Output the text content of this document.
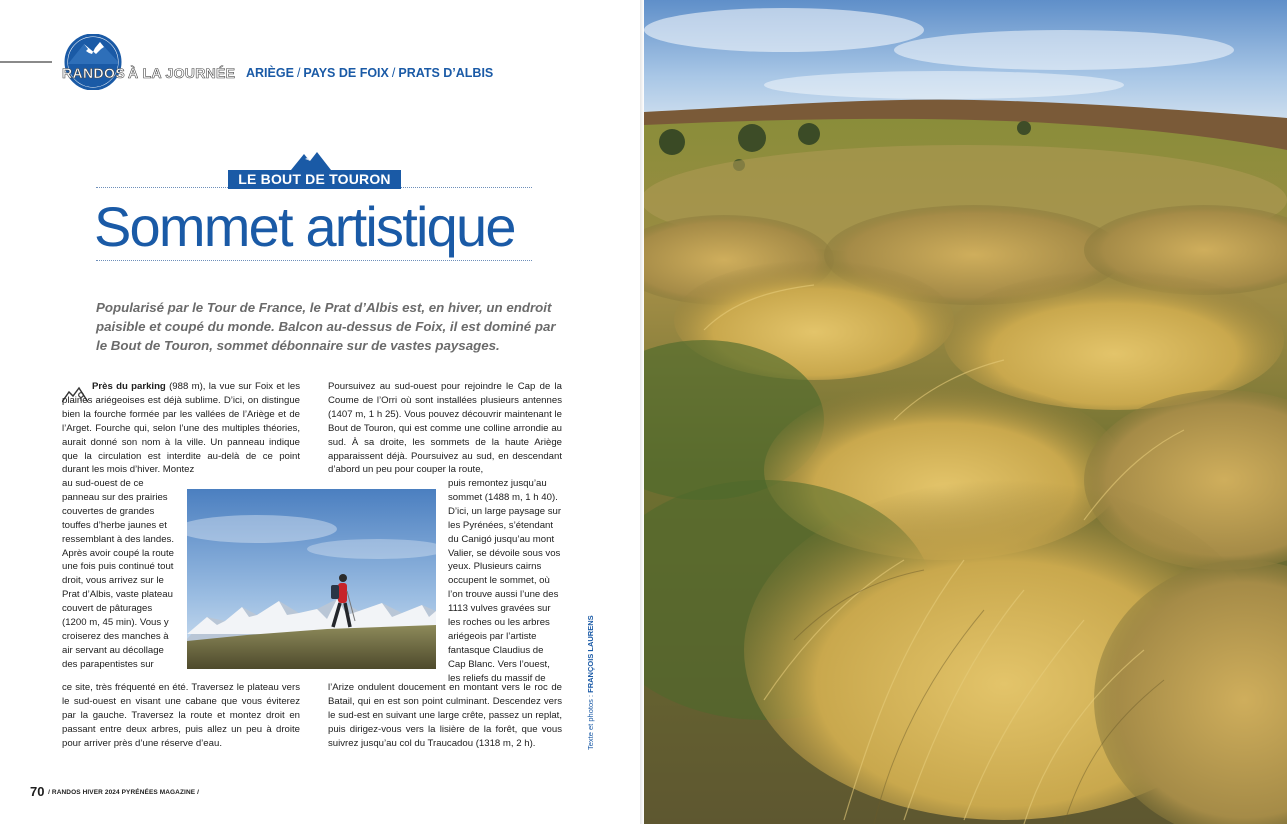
RANDOS À LA JOURNÉE ARIÈGE / PAYS DE FOIX / PRATS D’ALBIS
LE BOUT DE TOURON
Sommet artistique

Popularisé par le Tour de France, le Prat d’Albis est, en hiver, un endroit paisible et coupé du monde. Balcon au-dessus de Foix, il est dominé par le Bout de Touron, sommet débonnaire sur de vastes paysages.

Près du parking (988 m), la vue sur Foix et les plaines ariégeoises est déjà sublime. D’ici, on distingue bien la fourche formée par les vallées de l’Ariège et de l’Arget. Fourche qui, selon l’une des multiples théories, aurait donné son nom à la ville. Un panneau indique que la circulation est interdite au-delà de ce point durant les mois d’hiver. Montez
au sud-ouest de ce panneau sur des prairies couvertes de grandes touffes d’herbe jaunes et ressemblant à des landes. Après avoir coupé la route une fois puis continué tout droit, vous arrivez sur le Prat d’Albis, vaste plateau couvert de pâturages (1200 m, 45 min). Vous y croiserez des manches à air servant au décollage des parapentistes sur
ce site, très fréquenté en été. Traversez le plateau vers le sud-ouest en visant une cabane que vous éviterez par la gauche. Traversez la route et montez droit en passant entre deux arbres, puis allez un peu à droite pour arriver près d’une réserve d’eau.
Poursuivez au sud-ouest pour rejoindre le Cap de la Coume de l’Orri où sont installées plusieurs antennes (1407 m, 1 h 25). Vous pouvez découvrir maintenant le Bout de Touron, qui est comme une colline arrondie au sud. À sa droite, les sommets de la haute Ariège apparaissent déjà. Poursuivez au sud, en descendant d’abord un peu pour couper la route,
puis remontez jusqu’au sommet (1488 m, 1 h 40). D’ici, un large paysage sur les Pyrénées, s’étendant du Canigó jusqu’au mont Valier, se dévoile sous vos yeux. Plusieurs cairns occupent le sommet, où l’on trouve aussi l’une des 1113 vulves gravées sur les roches ou les arbres ariégeois par l’artiste fantasque Claudius de Cap Blanc. Vers l’ouest, les reliefs du massif de
l’Arize ondulent doucement en montant vers le roc de Batail, qui en est son point culminant. Descendez vers le sud-est en suivant une large crête, passez un replat, puis dirigez-vous vers la lisière de la forêt, que vous suivrez jusqu’au col du Traucadou (1318 m, 2 h).	Texte et photos : FRANÇOIS LAURENS
70 / RANDOS HIVER 2024 PYRÉNÉES MAGAZINE /
